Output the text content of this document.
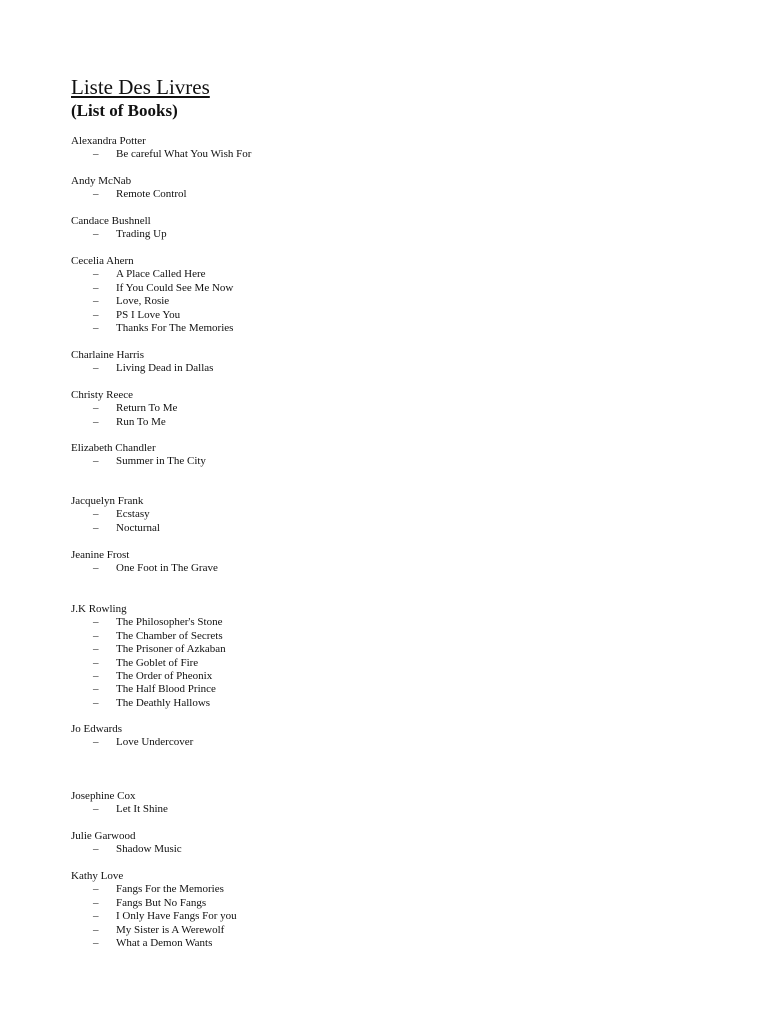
Liste Des Livres
(List of Books)
Alexandra Potter
– Be careful What You Wish For
Andy McNab
– Remote Control
Candace Bushnell
– Trading Up
Cecelia Ahern
– A Place Called Here
– If You Could See Me Now
– Love, Rosie
– PS I Love You
– Thanks For The Memories
Charlaine Harris
– Living Dead in Dallas
Christy Reece
– Return To Me
– Run To Me
Elizabeth Chandler
– Summer in The City
Jacquelyn Frank
– Ecstasy
– Nocturnal
Jeanine Frost
– One Foot in The Grave
J.K Rowling
– The Philosopher's Stone
– The Chamber of Secrets
– The Prisoner of Azkaban
– The Goblet of Fire
– The Order of Pheonix
– The Half Blood Prince
– The Deathly Hallows
Jo Edwards
– Love Undercover
Josephine Cox
– Let It Shine
Julie Garwood
– Shadow Music
Kathy Love
– Fangs For the Memories
– Fangs But No Fangs
– I Only Have Fangs For you
– My Sister is A Werewolf
– What a Demon Wants
